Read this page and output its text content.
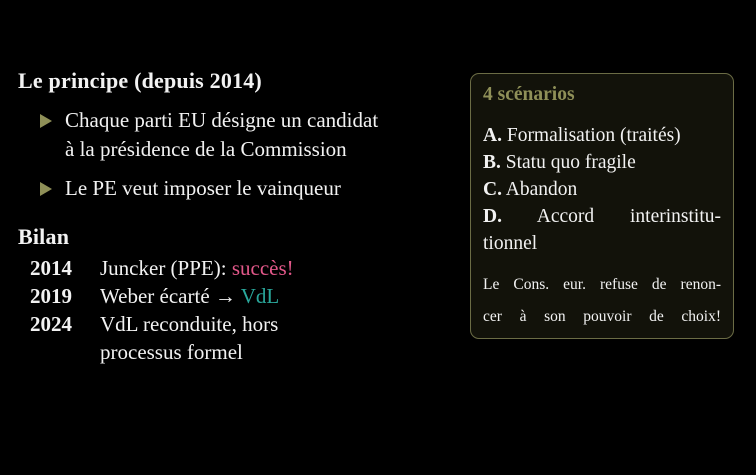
Le principe (depuis 2014)
Chaque parti EU désigne un candidat
à la présidence de la Commission
Le PE veut imposer le vainqueur
Bilan
2014	Juncker (PPE): succès!
2019	Weber écarté → VdL
2024	VdL reconduite, hors
processus formel
4 scénarios
A. Formalisation (traités)
B. Statu quo fragile
C. Abandon
D. Accord interinstitu-
tionnel

Le Cons. eur. refuse de renon-
cer à son pouvoir de choix!
